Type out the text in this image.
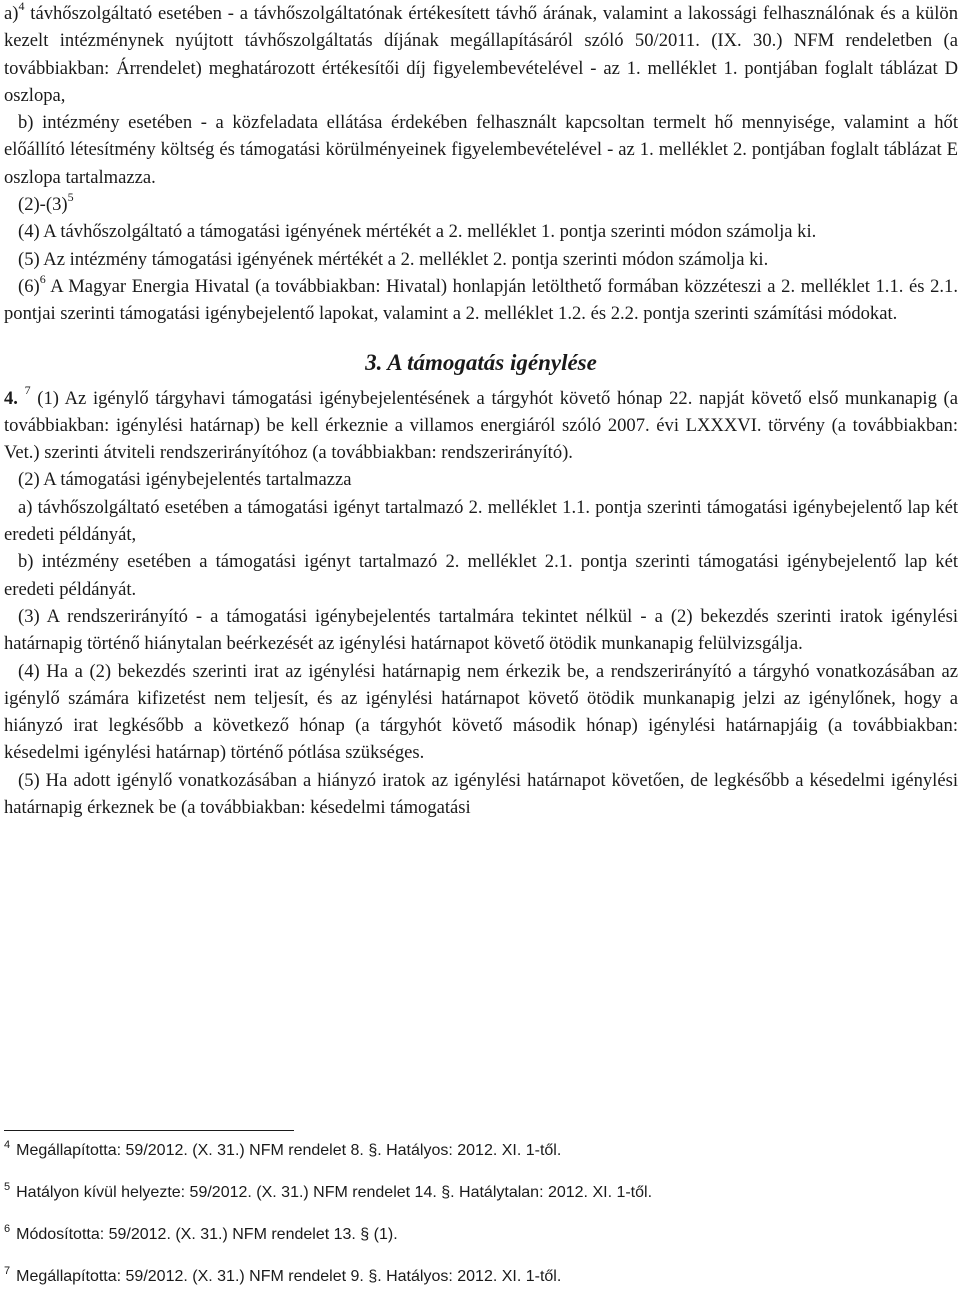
a)$^4$ távhőszolgáltató esetében - a távhőszolgáltatónak értékesített távhő árának, valamint a lakossági felhasználónak és a külön kezelt intézménynek nyújtott távhőszolgáltatás díjának megállapításáról szóló 50/2011. (IX. 30.) NFM rendeletben (a továbbiakban: Árrendelet) meghatározott értékesítői díj figyelembevételével - az 1. melléklet 1. pontjában foglalt táblázat D oszlopa,

b) intézmény esetében - a közfeladata ellátása érdekében felhasznált kapcsoltan termelt hő mennyisége, valamint a hőt előállító létesítmény költség és támogatási körülményeinek figyelembevételével - az 1. melléklet 2. pontjában foglalt táblázat E oszlopa tartalmazza.

$(2)-(3)^5$

(4) A távhőszolgáltató a támogatási igényének mértékét a 2. melléklet 1. pontja szerinti módon számolja ki.

(5) Az intézmény támogatási igényének mértékét a 2. melléklet 2. pontja szerinti módon számolja ki.

$(6)^6$ A Magyar Energia Hivatal (a továbbiakban: Hivatal) honlapján letölthető formában közzéteszi a 2. melléklet 1.1. és 2.1. pontjai szerinti támogatási igénybejelentő lapokat, valamint a 2. melléklet 1.2. és 2.2. pontja szerinti számítási módokat.

3. A támogatás igénylése

4. $^7$ (1) Az igénylő tárgyhavi támogatási igénybejelentésének a tárgyhót követő hónap 22. napját követő első munkanapig (a továbbiakban: igénylési határnap) be kell érkeznie a villamos energiáról szóló 2007. évi LXXXVI. törvény (a továbbiakban: Vet.) szerinti átviteli rendszerirányítóhoz (a továbbiakban: rendszerirányító).

(2) A támogatási igénybejelentés tartalmazza

a) távhőszolgáltató esetében a támogatási igényt tartalmazó 2. melléklet 1.1. pontja szerinti támogatási igénybejelentő lap két eredeti példányát,

b) intézmény esetében a támogatási igényt tartalmazó 2. melléklet 2.1. pontja szerinti támogatási igénybejelentő lap két eredeti példányát.

(3) A rendszerirányító - a támogatási igénybejelentés tartalmára tekintet nélkül - a (2) bekezdés szerinti iratok igénylési határnapig történő hiánytalan beérkezését az igénylési határnapot követő ötödik munkanapig felülvizsgálja.

(4) Ha a (2) bekezdés szerinti irat az igénylési határnapig nem érkezik be, a rendszerirányító a tárgyhó vonatkozásában az igénylő számára kifizetést nem teljesít, és az igénylési határnapot követő ötödik munkanapig jelzi az igénylőnek, hogy a hiányzó irat legkésőbb a következő hónap (a tárgyhót követő második hónap) igénylési határnapjáig (a továbbiakban: késedelmi igénylési határnap) történő pótlása szükséges.

(5) Ha adott igénylő vonatkozásában a hiányzó iratok az igénylési határnapot követően, de legkésőbb a késedelmi igénylési határnapig érkeznek be (a továbbiakban: késedelmi támogatási

$^4$ Megállapította: 59/2012. (X. 31.) NFM rendelet 8. §. Hatályos: 2012. XI. 1-től.
$^5$ Hatályon kívül helyezte: 59/2012. (X. 31.) NFM rendelet 14. §. Hatálytalan: 2012. XI. 1-től.
$^6$ Módosította: 59/2012. (X. 31.) NFM rendelet 13. § (1).
$^7$ Megállapította: 59/2012. (X. 31.) NFM rendelet 9. §. Hatályos: 2012. XI. 1-től.
